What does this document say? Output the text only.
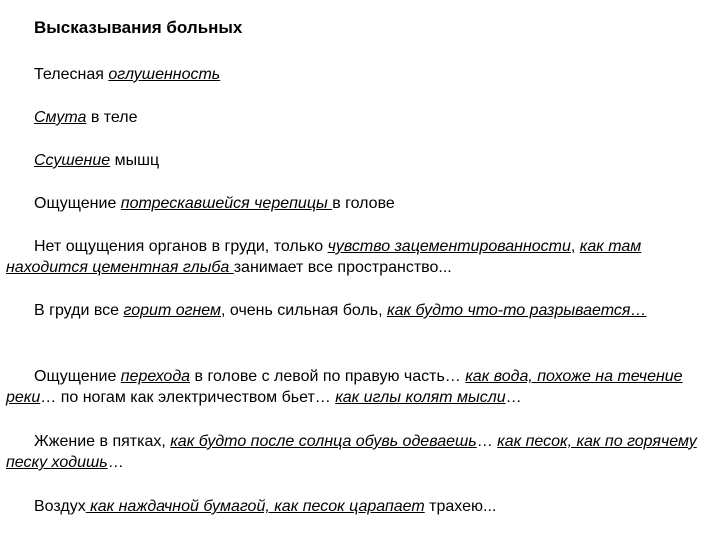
Высказывания больных
Телесная оглушенность
Смута в теле
Ссушение мышц
Ощущение потрескавшейся черепицы в голове
Нет ощущения органов в груди, только чувство зацементированности, как там находится цементная глыба занимает все пространство...
В груди все горит огнем, очень сильная боль, как будто что-то разрывается…
Ощущение перехода в голове с левой по правую часть… как вода, похоже на течение реки… по ногам как электричеством бьет… как иглы колят мысли…
Жжение в пятках, как будто после солнца обувь одеваешь… как песок, как по горячему песку ходишь…
Воздух как наждачной бумагой, как песок царапает трахею...
